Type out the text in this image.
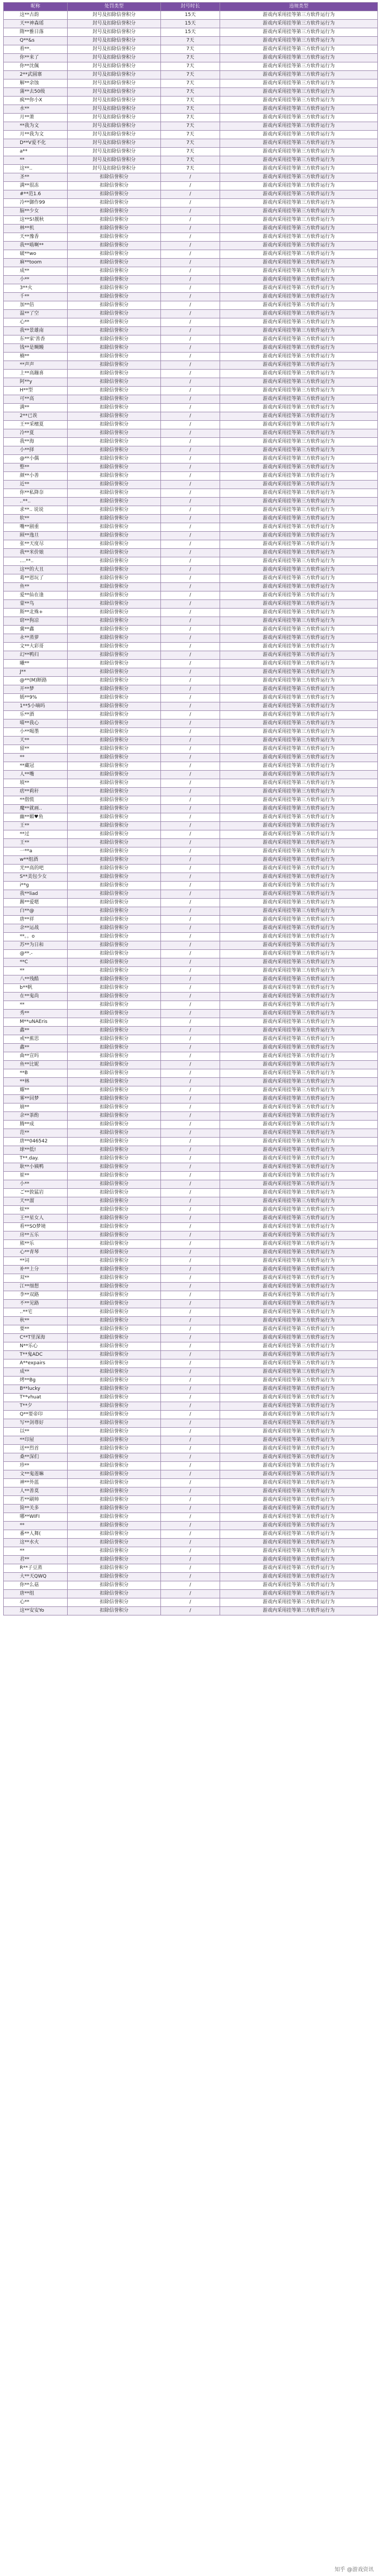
昵称	处罚类型	封号时长	违规类型
这**古韵	封号及扣除信誉积分	15天	游戏内采用挂等第三方软件运行为
天**神森瑶	封号及扣除信誉积分	15天	游戏内采用挂等第三方软件运行为
隋**雅日落	封号及扣除信誉积分	15天	游戏内采用挂等第三方软件运行为
Q**&s	封号及扣除信誉积分	7天	游戏内采用挂等第三方软件运行为
看**.	封号及扣除信誉积分	7天	游戏内采用挂等第三方软件运行为
你**来了	封号及扣除信誉积分	7天	游戏内采用挂等第三方软件运行为
你**沈佩	封号及扣除信誉积分	7天	游戏内采用挂等第三方软件运行为
2**武圆寨	封号及扣除信誉积分	7天	游戏内采用挂等第三方软件运行为
解**余蚀	封号及扣除信誉积分	7天	游戏内采用挂等第三方软件运行为
蒲**去50级	封号及扣除信誉积分	7天	游戏内采用挂等第三方软件运行为
疯**你小X	封号及扣除信誉积分	7天	游戏内采用挂等第三方软件运行为
水**	封号及扣除信誉积分	7天	游戏内采用挂等第三方软件运行为
月**萧	封号及扣除信誉积分	7天	游戏内采用挂等第三方软件运行为
**我为文	封号及扣除信誉积分	7天	游戏内采用挂等第三方软件运行为
月**我为文	封号及扣除信誉积分	7天	游戏内采用挂等第三方软件运行为
D**V爱不化	封号及扣除信誉积分	7天	游戏内采用挂等第三方软件运行为
a**	封号及扣除信誉积分	7天	游戏内采用挂等第三方软件运行为
**	封号及扣除信誉积分	7天	游戏内采用挂等第三方软件运行为
这**..	封号及扣除信誉积分	7天	游戏内采用挂等第三方软件运行为
圣**	扣除信誉积分	/	游戏内采用挂等第三方软件运行为
满**很冻	扣除信誉积分	/	游戏内采用挂等第三方软件运行为
#**范1.6	扣除信誉积分	/	游戏内采用挂等第三方软件运行为
冷**御作99	扣除信誉积分	/	游戏内采用挂等第三方软件运行为
脑**少女	扣除信誉积分	/	游戏内采用挂等第三方软件运行为
这**S!靓秋	扣除信誉积分	/	游戏内采用挂等第三方软件运行为
林**机	扣除信誉积分	/	游戏内采用挂等第三方软件运行为
天**豫香	扣除信誉积分	/	游戏内采用挂等第三方软件运行为
我**啮啊**	扣除信誉积分	/	游戏内采用挂等第三方软件运行为
破**wo	扣除信誉积分	/	游戏内采用挂等第三方软件运行为
麻**toom	扣除信誉积分	/	游戏内采用挂等第三方软件运行为
成**	扣除信誉积分	/	游戏内采用挂等第三方软件运行为
小**	扣除信誉积分	/	游戏内采用挂等第三方软件运行为
3**火	扣除信誉积分	/	游戏内采用挂等第三方软件运行为
千**	扣除信誉积分	/	游戏内采用挂等第三方软件运行为
加**倍	扣除信誉积分	/	游戏内采用挂等第三方软件运行为
温**了空	扣除信誉积分	/	游戏内采用挂等第三方软件运行为
心**	扣除信誉积分	/	游戏内采用挂等第三方软件运行为
我**景雄南	扣除信誉积分	/	游戏内采用挂等第三方软件运行为
东**家'善香	扣除信誉积分	/	游戏内采用挂等第三方软件运行为
钱**是鲷鳗	扣除信誉积分	/	游戏内采用挂等第三方软件运行为
楠**	扣除信誉积分	/	游戏内采用挂等第三方软件运行为
**声声	扣除信誉积分	/	游戏内采用挂等第三方软件运行为
上**高蹦喜	扣除信誉积分	/	游戏内采用挂等第三方软件运行为
阿**y	扣除信誉积分	/	游戏内采用挂等第三方软件运行为
H**型	扣除信誉积分	/	游戏内采用挂等第三方软件运行为
可**高	扣除信誉积分	/	游戏内采用挂等第三方软件运行为
满**	扣除信誉积分	/	游戏内采用挂等第三方软件运行为
2**已诶	扣除信誉积分	/	游戏内采用挂等第三方软件运行为
王**采檀夏	扣除信誉积分	/	游戏内采用挂等第三方软件运行为
冷**夏	扣除信誉积分	/	游戏内采用挂等第三方软件运行为
我**海	扣除信誉积分	/	游戏内采用挂等第三方软件运行为
小**择	扣除信誉积分	/	游戏内采用挂等第三方软件运行为
@**小偶	扣除信誉积分	/	游戏内采用挂等第三方软件运行为
整**	扣除信誉积分	/	游戏内采用挂等第三方软件运行为
颜**小善	扣除信誉积分	/	游戏内采用挂等第三方软件运行为
近**	扣除信誉积分	/	游戏内采用挂等第三方软件运行为
你**私降奈	扣除信誉积分	/	游戏内采用挂等第三方软件运行为
..**..	扣除信誉积分	/	游戏内采用挂等第三方软件运行为
求**.. 说说	扣除信誉积分	/	游戏内采用挂等第三方软件运行为
软**	扣除信誉积分	/	游戏内采用挂等第三方软件运行为
嘴**剧重	扣除信誉积分	/	游戏内采用挂等第三方软件运行为
顾**逸旦	扣除信誉积分	/	游戏内采用挂等第三方软件运行为
张**天度尽	扣除信誉积分	/	游戏内采用挂等第三方软件运行为
我**米价娘	扣除信誉积分	/	游戏内采用挂等第三方软件运行为
....**..	扣除信誉积分	/	游戏内采用挂等第三方软件运行为
这**的大丑	扣除信誉积分	/	游戏内采用挂等第三方软件运行为
葛**恩玩了	扣除信誉积分	/	游戏内采用挂等第三方软件运行为
鱼**	扣除信誉积分	/	游戏内采用挂等第三方软件运行为
爱**仙在逢	扣除信誉积分	/	游戏内采用挂等第三方软件运行为
蒙**鸟	扣除信誉积分	/	游戏内采用挂等第三方软件运行为
斯**北殊+	扣除信誉积分	/	游戏内采用挂等第三方软件运行为
窈**狗凉	扣除信誉积分	/	游戏内采用挂等第三方软件运行为
冀**鑫	扣除信誉积分	/	游戏内采用挂等第三方软件运行为
永**蒸萝	扣除信誉积分	/	游戏内采用挂等第三方软件运行为
文**大彩哥	扣除信誉积分	/	游戏内采用挂等第三方软件运行为
幻**鸭归	扣除信誉积分	/	游戏内采用挂等第三方软件运行为
曦**	扣除信誉积分	/	游戏内采用挂等第三方软件运行为
J**	扣除信誉积分	/	游戏内采用挂等第三方软件运行为
@**(M)断路	扣除信誉积分	/	游戏内采用挂等第三方软件运行为
开**梦	扣除信誉积分	/	游戏内采用挂等第三方软件运行为
嫣**9%	扣除信誉积分	/	游戏内采用挂等第三方软件运行为
1**5小嘀吗	扣除信誉积分	/	游戏内采用挂等第三方软件运行为
乐**酒	扣除信誉积分	/	游戏内采用挂等第三方软件运行为
喵**我心	扣除信誉积分	/	游戏内采用挂等第三方软件运行为
小**喝墨	扣除信誉积分	/	游戏内采用挂等第三方软件运行为
天**	扣除信誉积分	/	游戏内采用挂等第三方软件运行为
留**	扣除信誉积分	/	游戏内采用挂等第三方软件运行为
**	扣除信誉积分	/	游戏内采用挂等第三方软件运行为
**藏冠	扣除信誉积分	/	游戏内采用挂等第三方软件运行为
人**嘴	扣除信誉积分	/	游戏内采用挂等第三方软件运行为
坡**	扣除信誉积分	/	游戏内采用挂等第三方软件运行为
痞**莉秆	扣除信誉积分	/	游戏内采用挂等第三方软件运行为
**偕慌	扣除信誉积分	/	游戏内采用挂等第三方软件运行为
魔**就画..	扣除信誉积分	/	游戏内采用挂等第三方软件运行为
幽**媚♥鱼	扣除信誉积分	/	游戏内采用挂等第三方软件运行为
王**	扣除信誉积分	/	游戏内采用挂等第三方软件运行为
**过	扣除信誉积分	/	游戏内采用挂等第三方软件运行为
王**	扣除信誉积分	/	游戏内采用挂等第三方软件运行为
一**a	扣除信誉积分	/	游戏内采用挂等第三方软件运行为
w**组酒	扣除信誉积分	/	游戏内采用挂等第三方软件运行为
光**高的吧	扣除信誉积分	/	游戏内采用挂等第三方软件运行为
S**美包少女	扣除信誉积分	/	游戏内采用挂等第三方软件运行为
i**g	扣除信誉积分	/	游戏内采用挂等第三方软件运行为
我**liad	扣除信誉积分	/	游戏内采用挂等第三方软件运行为
踢**爱嗯	扣除信誉积分	/	游戏内采用挂等第三方软件运行为
白**@	扣除信誉积分	/	游戏内采用挂等第三方软件运行为
唐**祥	扣除信誉积分	/	游戏内采用挂等第三方软件运行为
余**运战	扣除信誉积分	/	游戏内采用挂等第三方软件运行为
**。。o	扣除信誉积分	/	游戏内采用挂等第三方软件运行为
苏**为日和	扣除信誉积分	/	游戏内采用挂等第三方软件运行为
@**.-	扣除信誉积分	/	游戏内采用挂等第三方软件运行为
**C	扣除信誉积分	/	游戏内采用挂等第三方软件运行为
**	扣除信誉积分	/	游戏内采用挂等第三方软件运行为
八**残酷	扣除信誉积分	/	游戏内采用挂等第三方软件运行为
b**帆	扣除信誉积分	/	游戏内采用挂等第三方软件运行为
在**鬼尚	扣除信誉积分	/	游戏内采用挂等第三方软件运行为
**	扣除信誉积分	/	游戏内采用挂等第三方软件运行为
秀**	扣除信誉积分	/	游戏内采用挂等第三方软件运行为
M**uNAEris	扣除信誉积分	/	游戏内采用挂等第三方软件运行为
鑫**	扣除信誉积分	/	游戏内采用挂等第三方软件运行为
戒**蕉思	扣除信誉积分	/	游戏内采用挂等第三方软件运行为
鑫**	扣除信誉积分	/	游戏内采用挂等第三方软件运行为
曲**宣吗	扣除信誉积分	/	游戏内采用挂等第三方软件运行为
鱼**比妮	扣除信誉积分	/	游戏内采用挂等第三方软件运行为
**B	扣除信誉积分	/	游戏内采用挂等第三方软件运行为
**林	扣除信誉积分	/	游戏内采用挂等第三方软件运行为
耀**	扣除信誉积分	/	游戏内采用挂等第三方软件运行为
雾**回梦	扣除信誉积分	/	游戏内采用挂等第三方软件运行为
崩**	扣除信誉积分	/	游戏内采用挂等第三方软件运行为
余**茶酌	扣除信誉积分	/	游戏内采用挂等第三方软件运行为
腾**成	扣除信誉积分	/	游戏内采用挂等第三方软件运行为
范**	扣除信誉积分	/	游戏内采用挂等第三方软件运行为
唐**046542	扣除信誉积分	/	游戏内采用挂等第三方软件运行为
球**低!	扣除信誉积分	/	游戏内采用挂等第三方软件运行为
T**.day.	扣除信誉积分	/	游戏内采用挂等第三方软件运行为
耿**小姨鸭	扣除信誉积分	/	游戏内采用挂等第三方软件运行为
崔**	扣除信誉积分	/	游戏内采用挂等第三方软件运行为
小**	扣除信誉积分	/	游戏内采用挂等第三方软件运行为
ご**敦猛岩	扣除信誉积分	/	游戏内采用挂等第三方软件运行为
天**溜	扣除信誉积分	/	游戏内采用挂等第三方软件运行为
炫**	扣除信誉积分	/	游戏内采用挂等第三方软件运行为
王**星女人	扣除信誉积分	/	游戏内采用挂等第三方软件运行为
看**SO梦境	扣除信誉积分	/	游戏内采用挂等第三方软件运行为
房**五乐	扣除信誉积分	/	游戏内采用挂等第三方软件运行为
熊**乐	扣除信誉积分	/	游戏内采用挂等第三方软件运行为
心**青琴	扣除信誉积分	/	游戏内采用挂等第三方软件运行为
**词	扣除信誉积分	/	游戏内采用挂等第三方软件运行为
补**上分	扣除信誉积分	/	游戏内采用挂等第三方软件运行为
双**	扣除信誉积分	/	游戏内采用挂等第三方软件运行为
江**细想	扣除信誉积分	/	游戏内采用挂等第三方软件运行为
李**双路	扣除信誉积分	/	游戏内采用挂等第三方软件运行为
不**见路	扣除信誉积分	/	游戏内采用挂等第三方软件运行为
..**宅	扣除信誉积分	/	游戏内采用挂等第三方软件运行为
秋**	扣除信誉积分	/	游戏内采用挂等第三方软件运行为
要**	扣除信誉积分	/	游戏内采用挂等第三方软件运行为
C**T里深海	扣除信誉积分	/	游戏内采用挂等第三方软件运行为
N**乐心	扣除信誉积分	/	游戏内采用挂等第三方软件运行为
T**鬼ADC	扣除信誉积分	/	游戏内采用挂等第三方软件运行为
A**expairs	扣除信誉积分	/	游戏内采用挂等第三方软件运行为
成**	扣除信誉积分	/	游戏内采用挂等第三方软件运行为
烤**Bg	扣除信誉积分	/	游戏内采用挂等第三方软件运行为
B**lucky	扣除信誉积分	/	游戏内采用挂等第三方软件运行为
T**vhuat	扣除信誉积分	/	游戏内采用挂等第三方软件运行为
T**夕	扣除信誉积分	/	游戏内采用挂等第三方软件运行为
Q**要帝印	扣除信誉积分	/	游戏内采用挂等第三方软件运行为
写**剑尊好	扣除信誉积分	/	游戏内采用挂等第三方软件运行为
以**	扣除信誉积分	/	游戏内采用挂等第三方软件运行为
**印屋	扣除信誉积分	/	游戏内采用挂等第三方软件运行为
送**烈首	扣除信誉积分	/	游戏内采用挂等第三方软件运行为
桑**深们	扣除信誉积分	/	游戏内采用挂等第三方软件运行为
珍**	扣除信誉积分	/	游戏内采用挂等第三方软件运行为
文**鬼莲嘛	扣除信誉积分	/	游戏内采用挂等第三方软件运行为
神**外蓝	扣除信誉积分	/	游戏内采用挂等第三方软件运行为
人**善莫	扣除信誉积分	/	游戏内采用挂等第三方软件运行为
若**刷帅	扣除信誉积分	/	游戏内采用挂等第三方软件运行为
简**关多	扣除信誉积分	/	游戏内采用挂等第三方软件运行为
哪**WIFI	扣除信誉积分	/	游戏内采用挂等第三方软件运行为
**	扣除信誉积分	/	游戏内采用挂等第三方软件运行为
番**人舞(	扣除信誉积分	/	游戏内采用挂等第三方软件运行为
这**水火	扣除信誉积分	/	游戏内采用挂等第三方软件运行为
**	扣除信誉积分	/	游戏内采用挂等第三方软件运行为
君**	扣除信誉积分	/	游戏内采用挂等第三方软件运行为
R**子豆蒸	扣除信誉积分	/	游戏内采用挂等第三方软件运行为
大**天QWQ	扣除信誉积分	/	游戏内采用挂等第三方软件运行为
你**么菇	扣除信誉积分	/	游戏内采用挂等第三方软件运行为
唐**组	扣除信誉积分	/	游戏内采用挂等第三方软件运行为
心**	扣除信誉积分	/	游戏内采用挂等第三方软件运行为
这**安安Yo	扣除信誉积分	/	游戏内采用挂等第三方软件运行为
知乎 @游戏资讯
